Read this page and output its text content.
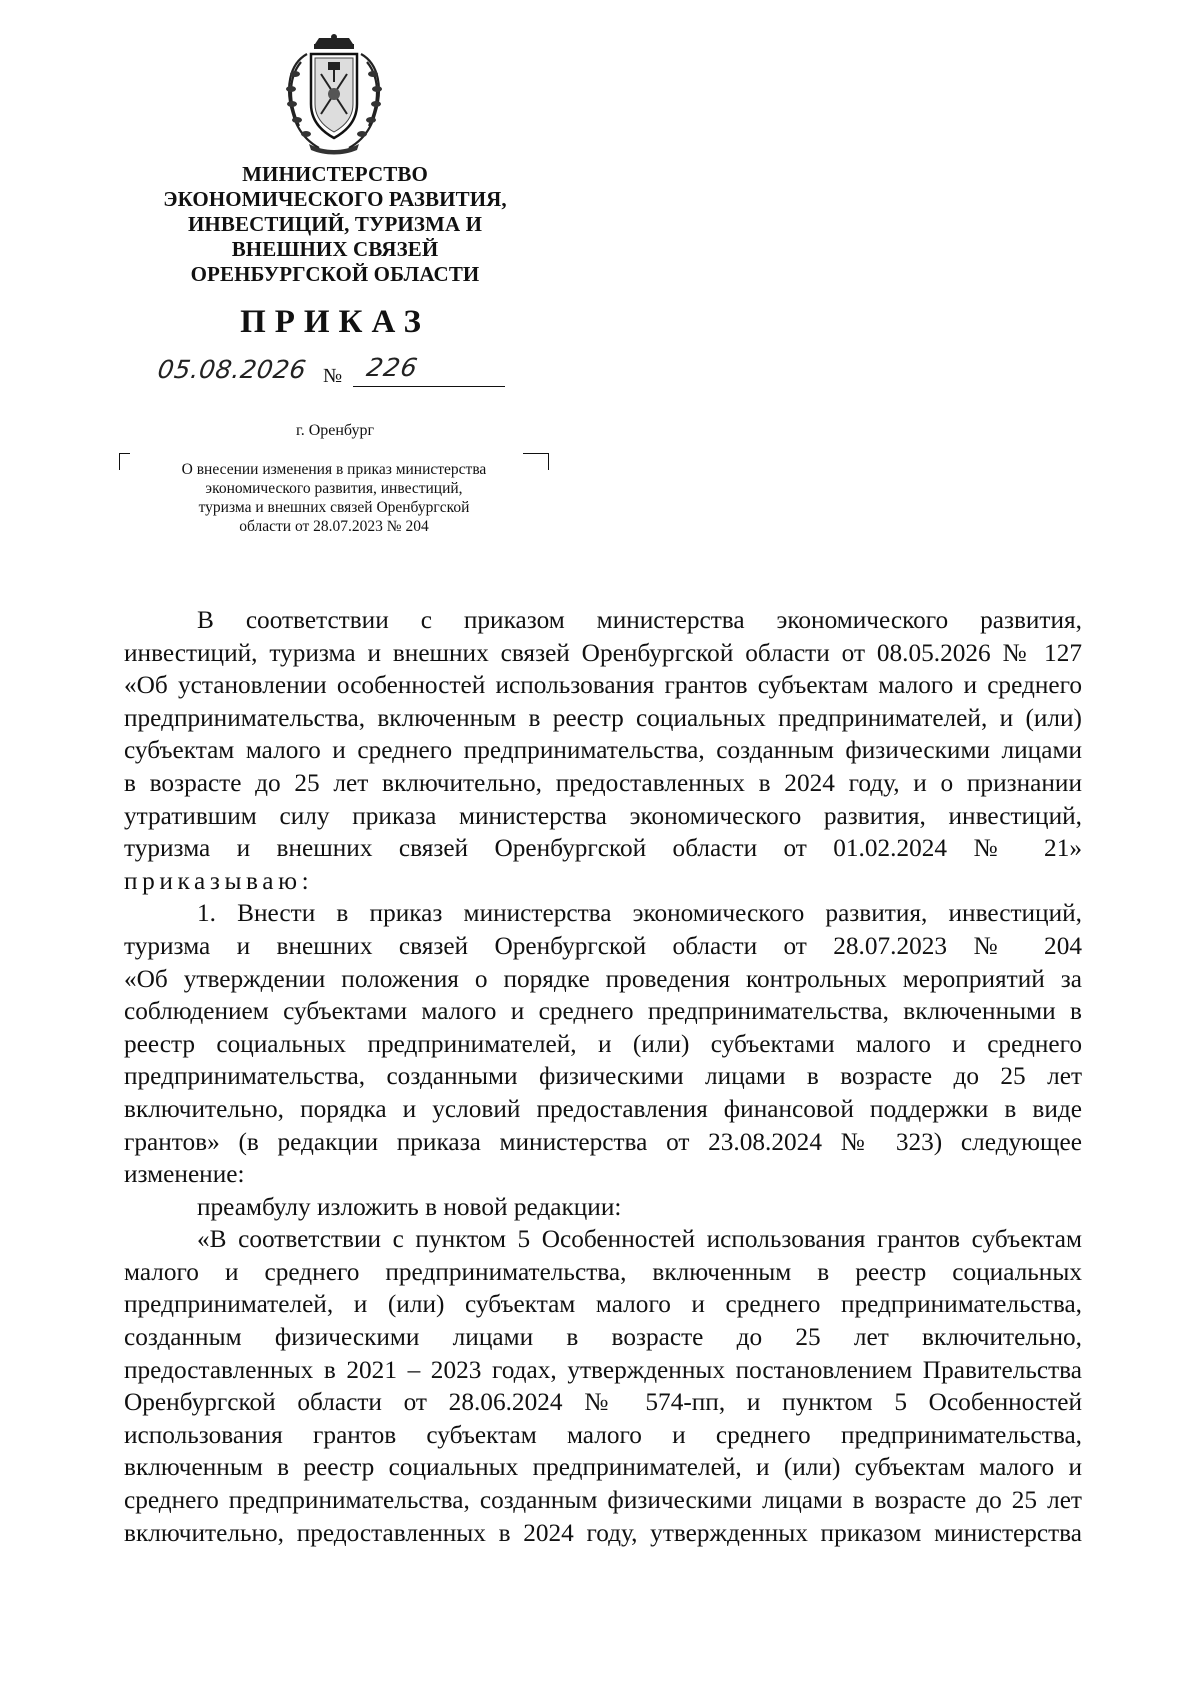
МИНИСТЕРСТВО
ЭКОНОМИЧЕСКОГО РАЗВИТИЯ,
ИНВЕСТИЦИЙ, ТУРИЗМА И
ВНЕШНИХ СВЯЗЕЙ
ОРЕНБУРГСКОЙ ОБЛАСТИ
ПРИКАЗ
05.08.2026 № 226
г. Оренбург
О внесении изменения в приказ министерства
экономического развития, инвестиций,
туризма и внешних связей Оренбургской
области от 28.07.2023 № 204
В соответствии с приказом министерства экономического развития,
инвестиций, туризма и внешних связей Оренбургской области от 08.05.2026 № 127
«Об установлении особенностей использования грантов субъектам малого и среднего
предпринимательства, включенным в реестр социальных предпринимателей, и (или)
субъектам малого и среднего предпринимательства, созданным физическими лицами
в возрасте до 25 лет включительно, предоставленных в 2024 году, и о признании
утратившим силу приказа министерства экономического развития, инвестиций,
туризма и внешних связей Оренбургской области от 01.02.2024 № 21»
приказываю:
1. Внести в приказ министерства экономического развития, инвестиций,
туризма и внешних связей Оренбургской области от 28.07.2023 № 204
«Об утверждении положения о порядке проведения контрольных мероприятий за
соблюдением субъектами малого и среднего предпринимательства, включенными в
реестр социальных предпринимателей, и (или) субъектами малого и среднего
предпринимательства, созданными физическими лицами в возрасте до 25 лет
включительно, порядка и условий предоставления финансовой поддержки в виде
грантов» (в редакции приказа министерства от 23.08.2024 № 323) следующее
изменение:
преамбулу изложить в новой редакции:
«В соответствии с пунктом 5 Особенностей использования грантов субъектам
малого и среднего предпринимательства, включенным в реестр социальных
предпринимателей, и (или) субъектам малого и среднего предпринимательства,
созданным физическими лицами в возрасте до 25 лет включительно,
предоставленных в 2021 – 2023 годах, утвержденных постановлением Правительства
Оренбургской области от 28.06.2024 № 574-пп, и пунктом 5 Особенностей
использования грантов субъектам малого и среднего предпринимательства,
включенным в реестр социальных предпринимателей, и (или) субъектам малого и
среднего предпринимательства, созданным физическими лицами в возрасте до 25 лет
включительно, предоставленных в 2024 году, утвержденных приказом министерства
